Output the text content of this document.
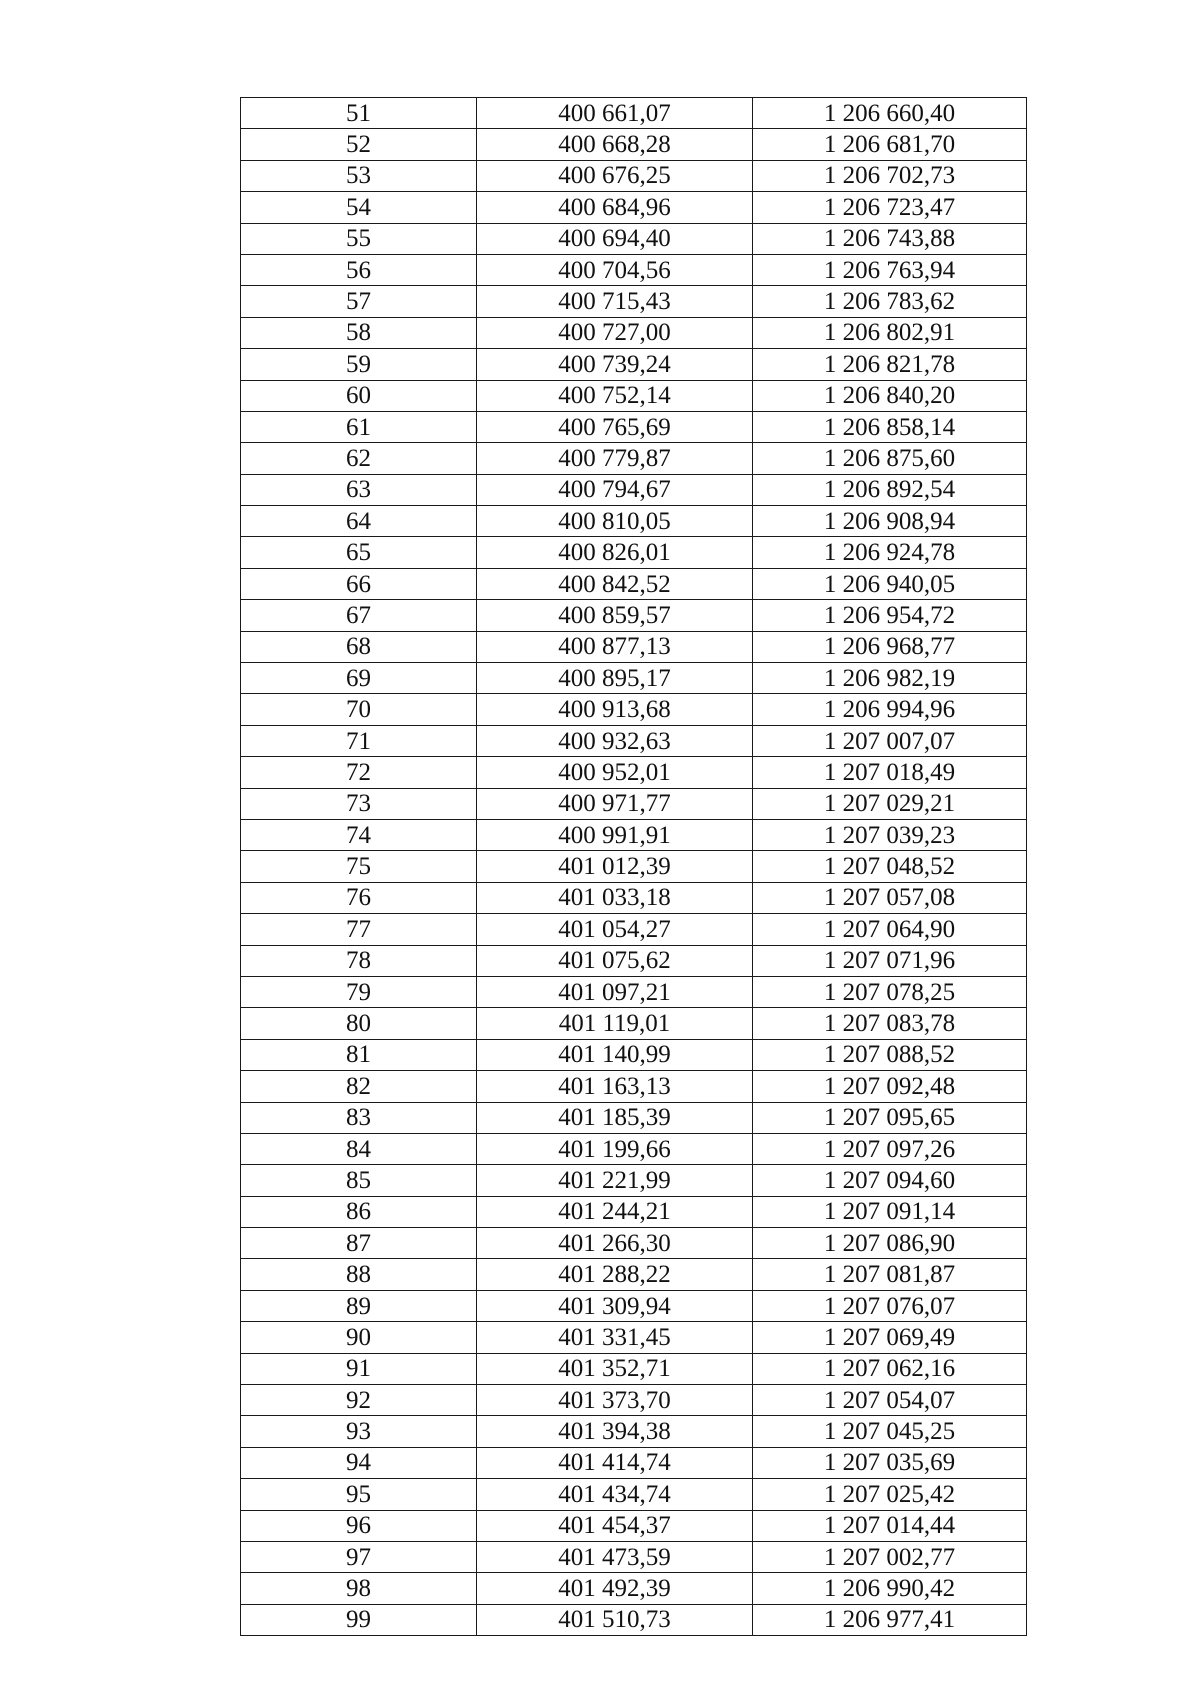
51	400 661,07	1 206 660,40
52	400 668,28	1 206 681,70
53	400 676,25	1 206 702,73
54	400 684,96	1 206 723,47
55	400 694,40	1 206 743,88
56	400 704,56	1 206 763,94
57	400 715,43	1 206 783,62
58	400 727,00	1 206 802,91
59	400 739,24	1 206 821,78
60	400 752,14	1 206 840,20
61	400 765,69	1 206 858,14
62	400 779,87	1 206 875,60
63	400 794,67	1 206 892,54
64	400 810,05	1 206 908,94
65	400 826,01	1 206 924,78
66	400 842,52	1 206 940,05
67	400 859,57	1 206 954,72
68	400 877,13	1 206 968,77
69	400 895,17	1 206 982,19
70	400 913,68	1 206 994,96
71	400 932,63	1 207 007,07
72	400 952,01	1 207 018,49
73	400 971,77	1 207 029,21
74	400 991,91	1 207 039,23
75	401 012,39	1 207 048,52
76	401 033,18	1 207 057,08
77	401 054,27	1 207 064,90
78	401 075,62	1 207 071,96
79	401 097,21	1 207 078,25
80	401 119,01	1 207 083,78
81	401 140,99	1 207 088,52
82	401 163,13	1 207 092,48
83	401 185,39	1 207 095,65
84	401 199,66	1 207 097,26
85	401 221,99	1 207 094,60
86	401 244,21	1 207 091,14
87	401 266,30	1 207 086,90
88	401 288,22	1 207 081,87
89	401 309,94	1 207 076,07
90	401 331,45	1 207 069,49
91	401 352,71	1 207 062,16
92	401 373,70	1 207 054,07
93	401 394,38	1 207 045,25
94	401 414,74	1 207 035,69
95	401 434,74	1 207 025,42
96	401 454,37	1 207 014,44
97	401 473,59	1 207 002,77
98	401 492,39	1 206 990,42
99	401 510,73	1 206 977,41
